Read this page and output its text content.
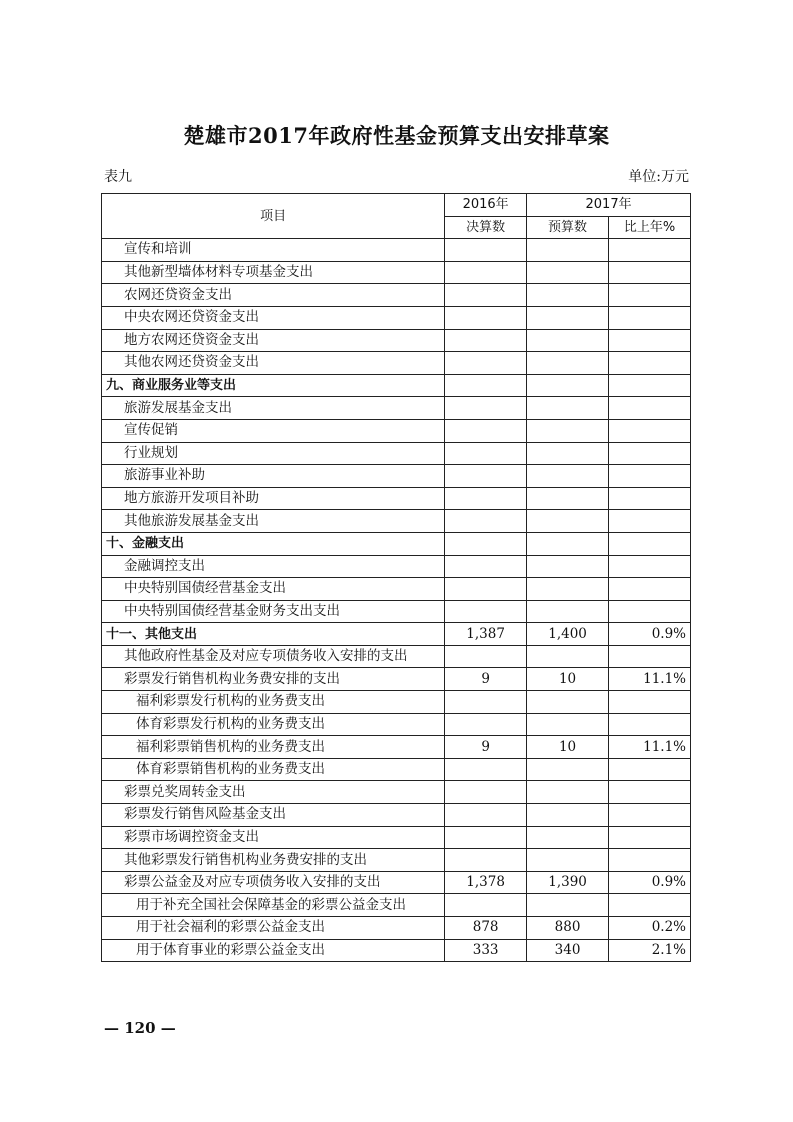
楚雄市2017年政府性基金预算支出安排草案
表九	单位:万元
项目	2016年	2017年	
	决算数	预算数	比上年%
宣传和培训			
其他新型墙体材料专项基金支出			
农网还贷资金支出			
中央农网还贷资金支出			
地方农网还贷资金支出			
其他农网还贷资金支出			
九、商业服务业等支出			
旅游发展基金支出			
宣传促销			
行业规划			
旅游事业补助			
地方旅游开发项目补助			
其他旅游发展基金支出			
十、金融支出			
金融调控支出			
中央特别国债经营基金支出			
中央特别国债经营基金财务支出支出			
十一、其他支出	1,387	1,400	0.9%
其他政府性基金及对应专项债务收入安排的支出			
彩票发行销售机构业务费安排的支出	9	10	11.1%
福利彩票发行机构的业务费支出			
体育彩票发行机构的业务费支出			
福利彩票销售机构的业务费支出	9	10	11.1%
体育彩票销售机构的业务费支出			
彩票兑奖周转金支出			
彩票发行销售风险基金支出			
彩票市场调控资金支出			
其他彩票发行销售机构业务费安排的支出			
彩票公益金及对应专项债务收入安排的支出	1,378	1,390	0.9%
用于补充全国社会保障基金的彩票公益金支出			
用于社会福利的彩票公益金支出	878	880	0.2%
用于体育事业的彩票公益金支出	333	340	2.1%
— 120 —
